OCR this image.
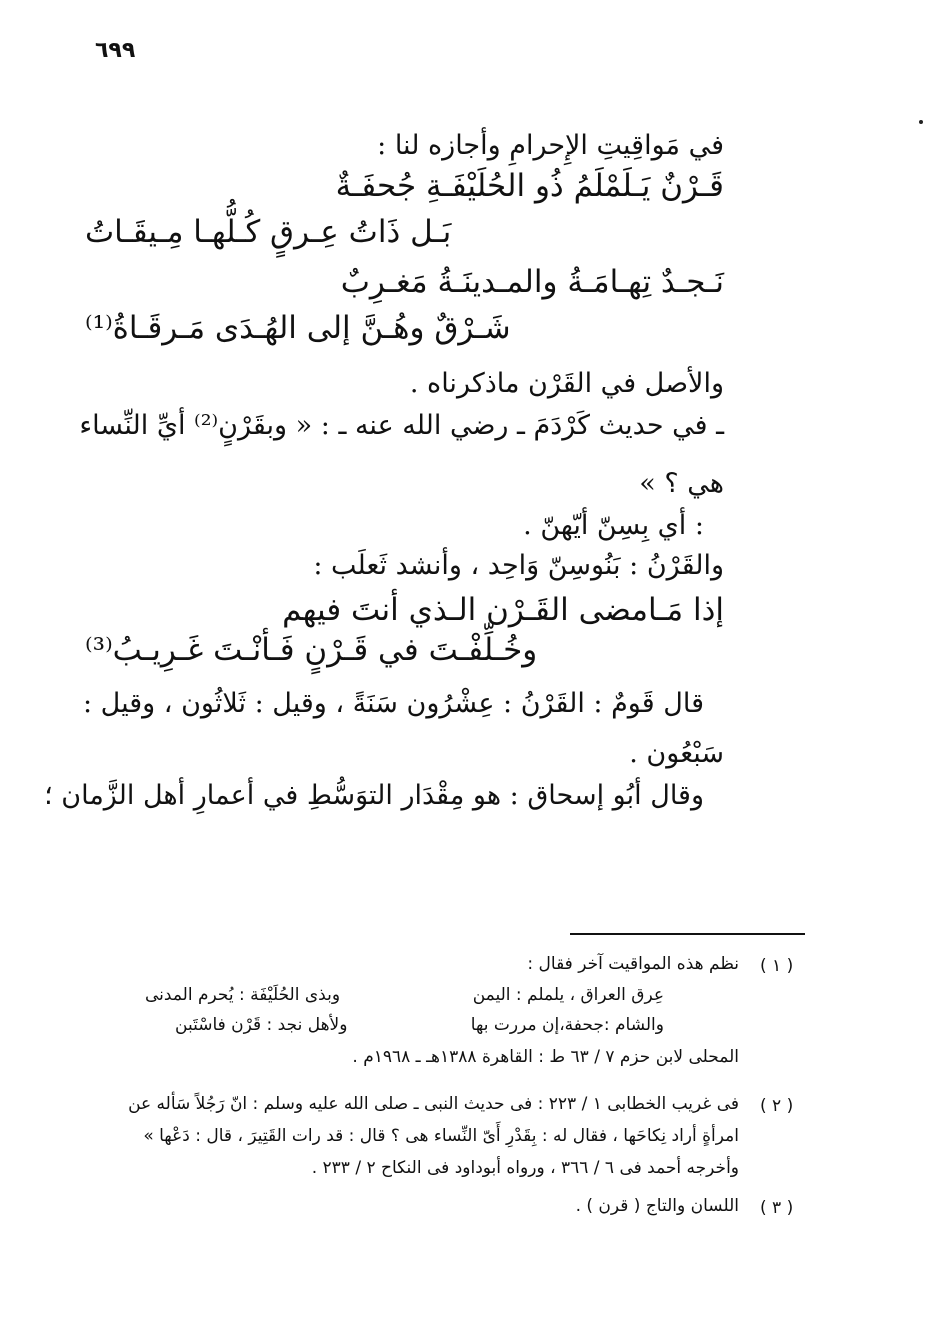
٦٩٩
في مَواقِيتِ الإِحرامِ وأجازه لنا :
قَـرْنٌ يَـلَمْلَمُ ذُو الحُلَيْفَـةِ جُحفَـةٌ
بَـل ذَاتُ عِـرقٍ كُـلُّهـا مِـيقَـاتُ
نَـجـدٌ تِهـامَـةُ والمـدينَـةُ مَغـرِبٌ
شَـرْقٌ وهُـنَّ إلى الهُـدَى مَـرقَـاةُ⁽¹⁾
والأصل في القَرْن ماذكرناه .
ـ في حديث كَرْدَمَ ـ رضي الله عنه ـ : « وبقَرْنٍ⁽²⁾ أيِّ النِّساء
هي ؟ »
: أي بِسِنّ أيّهنّ .
والقَرْنُ : بَنُوسِنّ وَاحِد ، وأنشد ثَعلَب :
إذا مَـامضى القَـرْن الـذي أنتَ فيهم
وخُـلِّفْـتَ في قَـرْنٍ فَـأنْـتَ غَـرِيـبُ⁽³⁾
قال قَومٌ : القَرْنُ : عِشْرُون سَنَةً ، وقيل : ثَلاثُون ، وقيل :
سَبْعُون .
وقال أبُو إسحاق : هو مِقْدَار التوَسُّطِ في أعمارِ أهل الزَّمان ؛
( ١ )
نظم هذه المواقيت آخر فقال :
عِرق العراق ، يلملم : اليمن
وبذى الحُلَيْفَة : يُحرم المدنى
والشام :جحفة،إن مررت بها
ولأهل نجد : قَرْن فاسْتَبن
المحلى لابن حزم ٧ / ٦٣ ط : القاهرة ١٣٨٨هـ ـ ١٩٦٨م .
( ٢ )
فى غريب الخطابى ١ / ٢٢٣ : فى حديث النبى ـ صلى الله عليه وسلم : انّ رَجُلاً سَأله عن
امرأةٍ أراد نِكاحَها ، فقال له : بِقَدْرِ أَىّ النِّساء هى ؟ قال : قد رات القَتِيرَ ، قال : دَعْها »
وأخرجه أحمد فى ٦ / ٣٦٦ ، ورواه أبوداود فى النكاح ٢ / ٢٣٣ .
( ٣ )
اللسان والتاج ( قرن ) .
